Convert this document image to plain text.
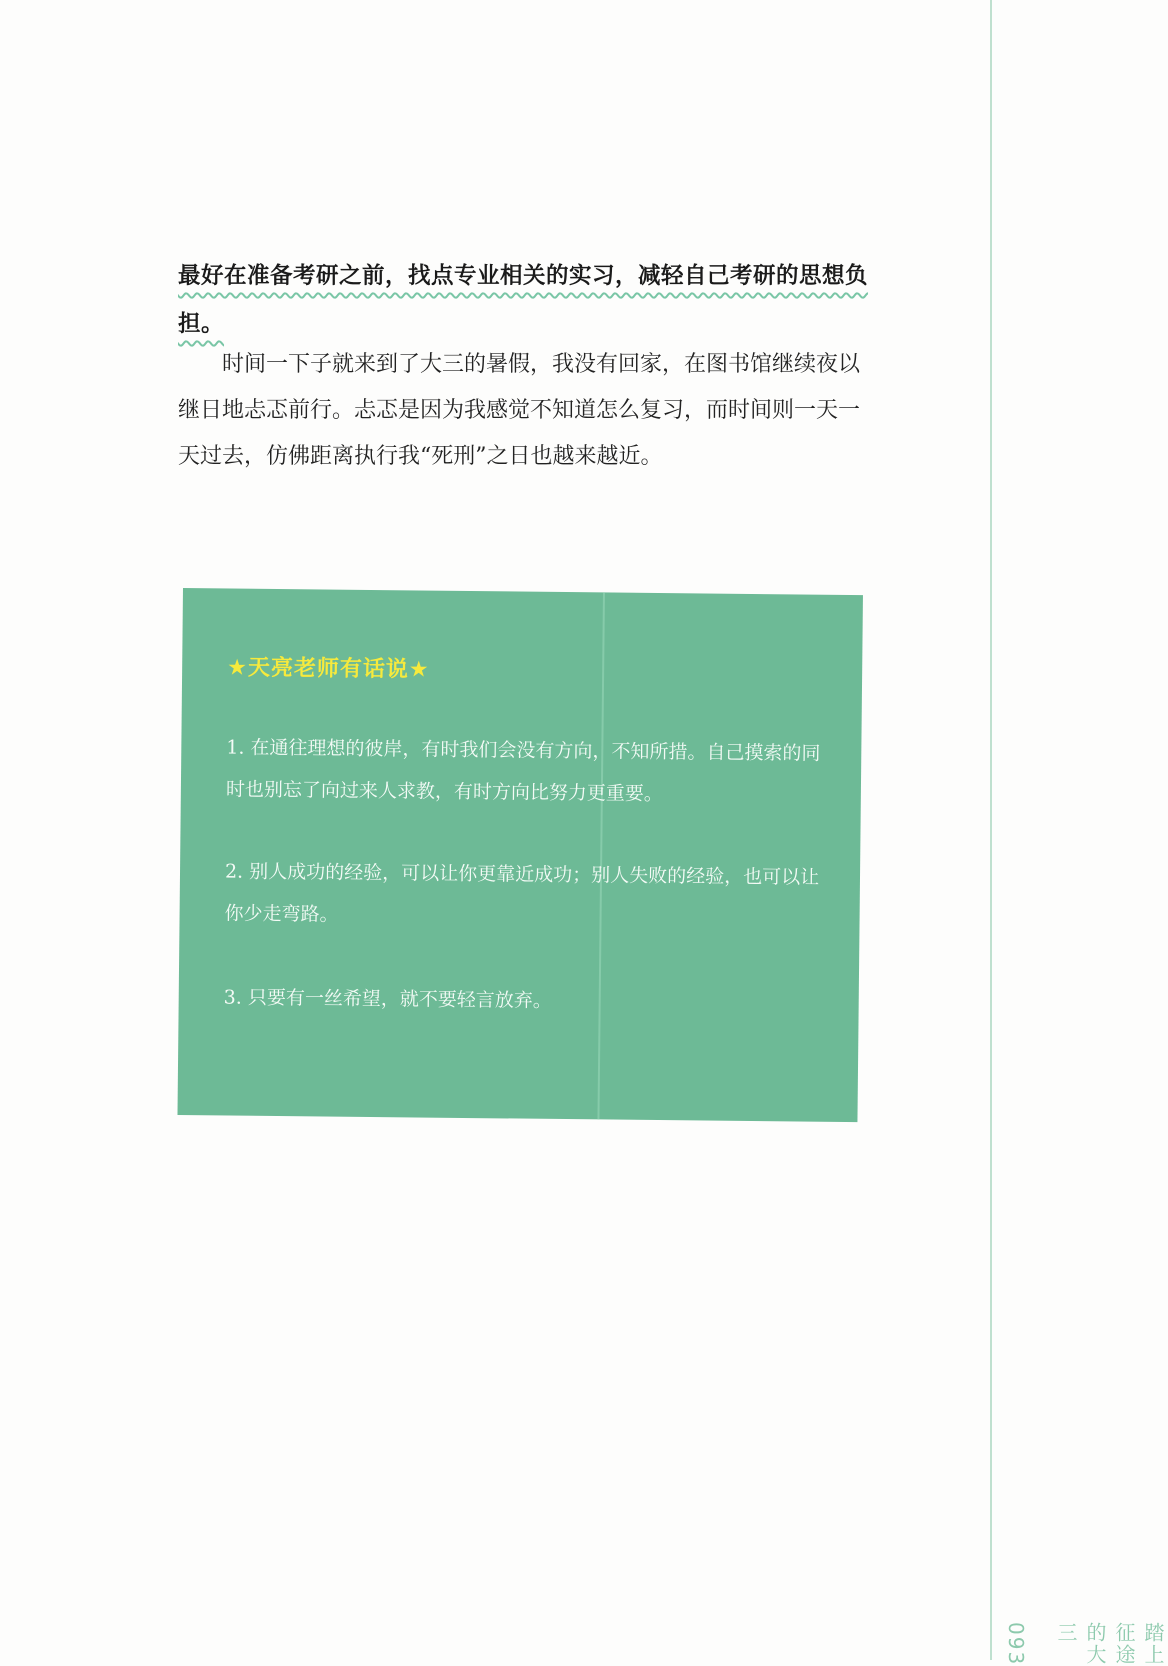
最好在准备考研之前，找点专业相关的实习，减轻自己考研的思想负担。

时间一下子就来到了大三的暑假，我没有回家，在图书馆继续夜以继日地忐忑前行。忐忑是因为我感觉不知道怎么复习，而时间则一天一天过去，仿佛距离执行我“死刑”之日也越来越近。

★天亮老师有话说★
1. 在通往理想的彼岸，有时我们会没有方向，不知所措。自己摸索的同时也别忘了向过来人求教，有时方向比努力更重要。
2. 别人成功的经验，可以让你更靠近成功；别人失败的经验，也可以让你少走弯路。
3. 只要有一丝希望，就不要轻言放弃。
踏上征途的大三  093
